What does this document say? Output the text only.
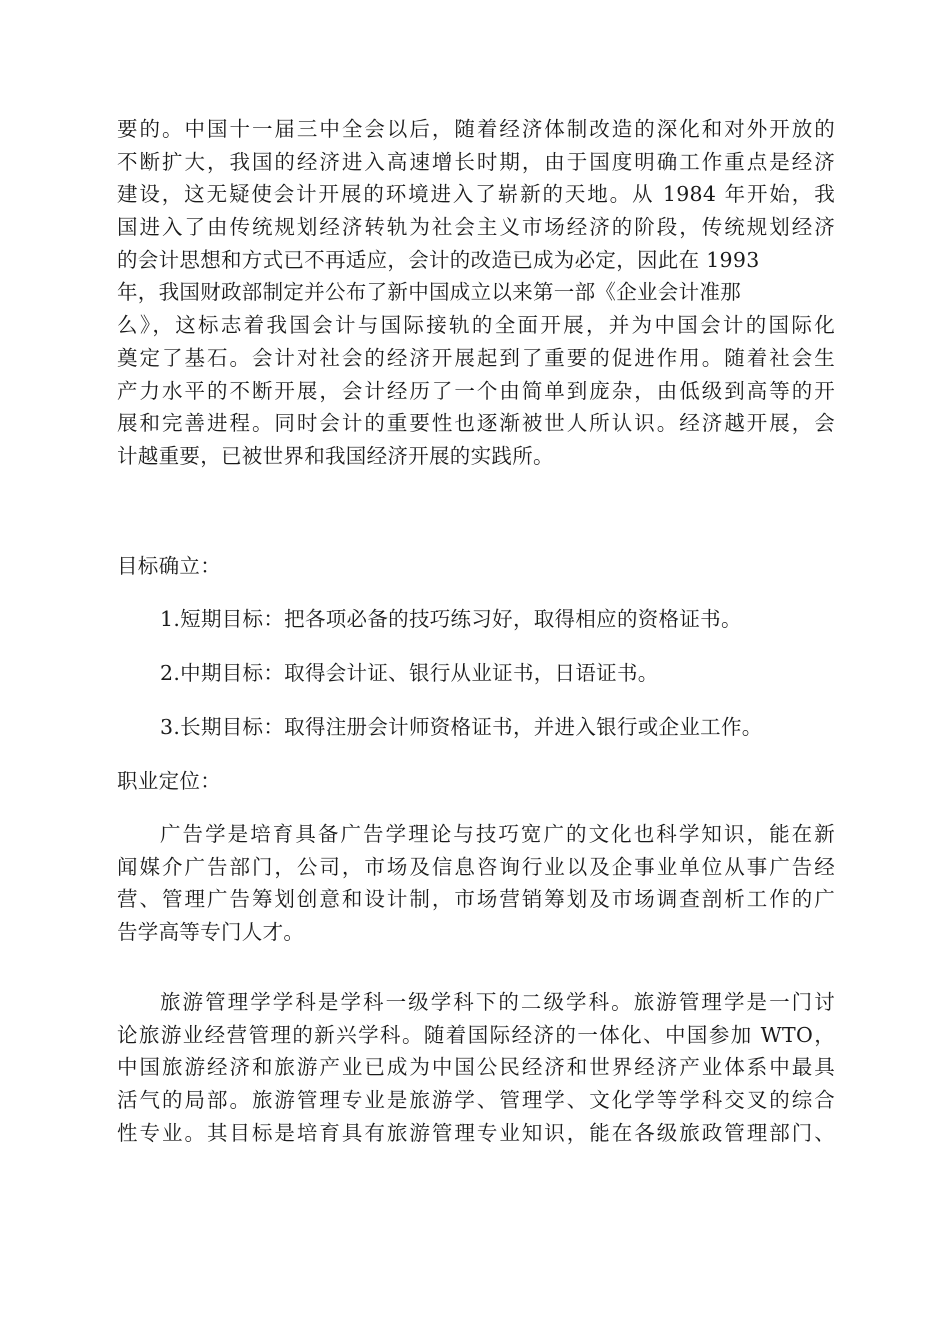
要的。中国十一届三中全会以后，随着经济体制改造的深化和对外开放的
不断扩大，我国的经济进入高速增长时期，由于国度明确工作重点是经济
建设，这无疑使会计开展的环境进入了崭新的天地。从 1984 年开始，我
国进入了由传统规划经济转轨为社会主义市场经济的阶段，传统规划经济
的会计思想和方式已不再适应，会计的改造已成为必定，因此在 1993
年，我国财政部制定并公布了新中国成立以来第一部《企业会计准那
么》，这标志着我国会计与国际接轨的全面开展，并为中国会计的国际化
奠定了基石。会计对社会的经济开展起到了重要的促进作用。随着社会生
产力水平的不断开展，会计经历了一个由简单到庞杂，由低级到高等的开
展和完善进程。同时会计的重要性也逐渐被世人所认识。经济越开展，会
计越重要，已被世界和我国经济开展的实践所。
目标确立：
1.短期目标：把各项必备的技巧练习好，取得相应的资格证书。
2.中期目标：取得会计证、银行从业证书，日语证书。
3.长期目标：取得注册会计师资格证书，并进入银行或企业工作。
职业定位：
广告学是培育具备广告学理论与技巧宽广的文化也科学知识，能在新
闻媒介广告部门，公司，市场及信息咨询行业以及企事业单位从事广告经
营、管理广告筹划创意和设计制，市场营销筹划及市场调查剖析工作的广
告学高等专门人才。
旅游管理学学科是学科一级学科下的二级学科。旅游管理学是一门讨
论旅游业经营管理的新兴学科。随着国际经济的一体化、中国参加 WTO，
中国旅游经济和旅游产业已成为中国公民经济和世界经济产业体系中最具
活气的局部。旅游管理专业是旅游学、管理学、文化学等学科交叉的综合
性专业。其目标是培育具有旅游管理专业知识，能在各级旅政管理部门、
